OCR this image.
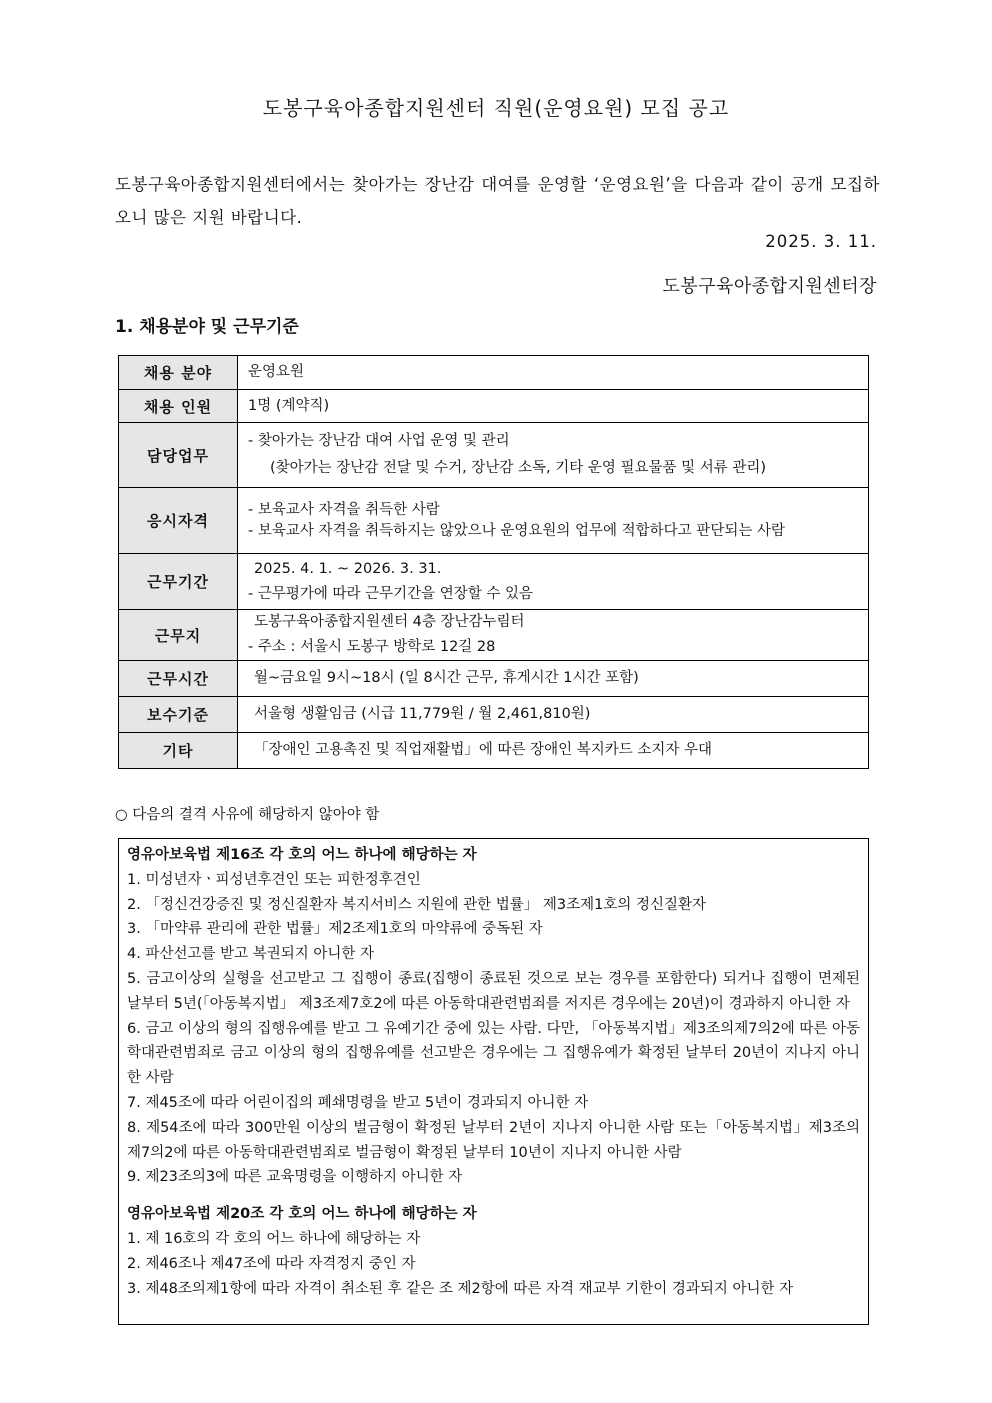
도봉구육아종합지원센터 직원(운영요원) 모집 공고
도봉구육아종합지원센터에서는 찾아가는 장난감 대여를 운영할 ‘운영요원’을 다음과 같이 공개 모집하오니 많은 지원 바랍니다.
2025. 3. 11.
도봉구육아종합지원센터장
1. 채용분야 및 근무기준
채용 분야	운영요원

채용 인원	1명 (계약직)

담당업무	- 찾아가는 장난감 대여 사업 운영 및 관리
(찾아가는 장난감 전달 및 수거, 장난감 소독, 기타 운영 필요물품 및 서류 관리)

응시자격	- 보육교사 자격을 취득한 사람
- 보육교사 자격을 취득하지는 않았으나 운영요원의 업무에 적합하다고 판단되는 사람

근무기간	2025. 4. 1. ~ 2026. 3. 31.
- 근무평가에 따라 근무기간을 연장할 수 있음

근무지	도봉구육아종합지원센터 4층 장난감누림터
- 주소 : 서울시 도봉구 방학로 12길 28

근무시간	월~금요일 9시~18시 (일 8시간 근무, 휴게시간 1시간 포함)

보수기준	서울형 생활임금 (시급 11,779원 / 월 2,461,810원)

기타	「장애인 고용촉진 및 직업재활법」에 따른 장애인 복지카드 소지자 우대
○ 다음의 결격 사유에 해당하지 않아야 함
영유아보육법 제16조 각 호의 어느 하나에 해당하는 자
1. 미성년자ㆍ피성년후견인 또는 피한정후견인
2. 「정신건강증진 및 정신질환자 복지서비스 지원에 관한 법률」 제3조제1호의 정신질환자
3. 「마약류 관리에 관한 법률」제2조제1호의 마약류에 중독된 자
4. 파산선고를 받고 복권되지 아니한 자
5. 금고이상의 실형을 선고받고 그 집행이 종료(집행이 종료된 것으로 보는 경우를 포함한다) 되거나 집행이 면제된 날부터 5년(「아동복지법」 제3조제7호2에 따른 아동학대관련범죄를 저지른 경우에는 20년)이 경과하지 아니한 자
6. 금고 이상의 형의 집행유예를 받고 그 유예기간 중에 있는 사람. 다만, 「아동복지법」제3조의제7의2에 따른 아동학대관련범죄로 금고 이상의 형의 집행유예를 선고받은 경우에는 그 집행유예가 확정된 날부터 20년이 지나지 아니한 사람
7. 제45조에 따라 어린이집의 폐쇄명령을 받고 5년이 경과되지 아니한 자
8. 제54조에 따라 300만원 이상의 벌금형이 확정된 날부터 2년이 지나지 아니한 사람 또는「아동복지법」제3조의제7의2에 따른 아동학대관련범죄로 벌금형이 확정된 날부터 10년이 지나지 아니한 사람
9. 제23조의3에 따른 교육명령을 이행하지 아니한 자
영유아보육법 제20조 각 호의 어느 하나에 해당하는 자
1. 제 16호의 각 호의 어느 하나에 해당하는 자
2. 제46조나 제47조에 따라 자격정지 중인 자
3. 제48조의제1항에 따라 자격이 취소된 후 같은 조 제2항에 따른 자격 재교부 기한이 경과되지 아니한 자
